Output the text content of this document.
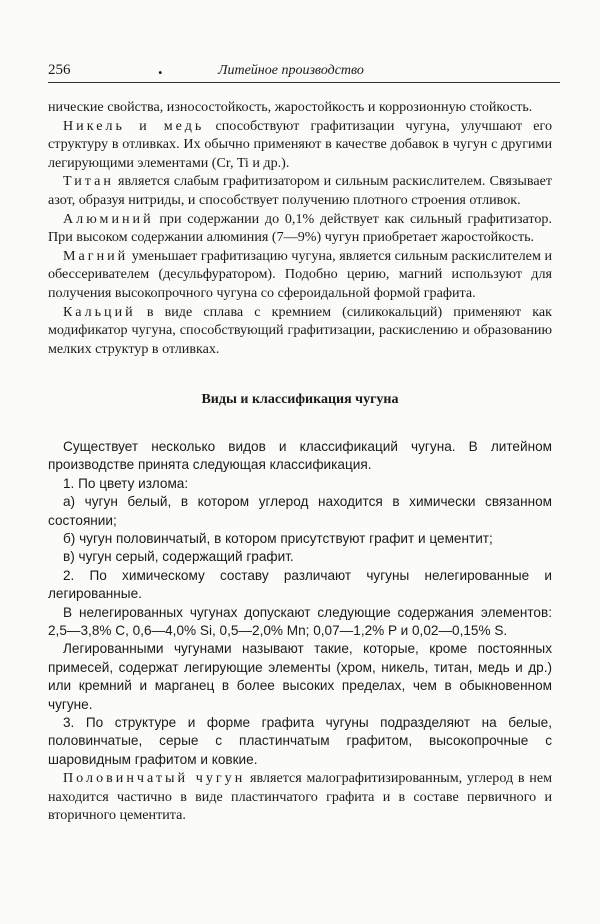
256	.	Литейное производство

нические свойства, износостойкость, жаростойкость и коррозионную стойкость.

Никель и медь способствуют графитизации чугуна, улучшают его структуру в отливках. Их обычно применяют в качестве добавок в чугун с другими легирующими элементами (Cr, Ti и др.).

Титан является слабым графитизатором и сильным раскислителем. Связывает азот, образуя нитриды, и способствует получению плотного строения отливок.

Алюминий при содержании до 0,1% действует как сильный графитизатор. При высоком содержании алюминия (7—9%) чугун приобретает жаростойкость.

Магний уменьшает графитизацию чугуна, является сильным раскислителем и обессеривателем (десульфуратором). Подобно церию, магний используют для получения высокопрочного чугуна со сфероидальной формой графита.

Кальций в виде сплава с кремнием (силикокальций) применяют как модификатор чугуна, способствующий графитизации, раскислению и образованию мелких структур в отливках.

Виды и классификация чугуна

Существует несколько видов и классификаций чугуна. В литейном производстве принята следующая классификация.

1. По цвету излома:

а) чугун белый, в котором углерод находится в химически связанном состоянии;

б) чугун половинчатый, в котором присутствуют графит и цементит;

в) чугун серый, содержащий графит.

2. По химическому составу различают чугуны нелегированные и легированные.

В нелегированных чугунах допускают следующие содержания элементов: 2,5—3,8% C, 0,6—4,0% Si, 0,5—2,0% Mn; 0,07—1,2% P и 0,02—0,15% S.

Легированными чугунами называют такие, которые, кроме постоянных примесей, содержат легирующие элементы (хром, никель, титан, медь и др.) или кремний и марганец в более высоких пределах, чем в обыкновенном чугуне.

3. По структуре и форме графита чугуны подразделяют на белые, половинчатые, серые с пластинчатым графитом, высокопрочные с шаровидным графитом и ковкие.

Половинчатый чугун является малографитизированным, углерод в нем находится частично в виде пластинчатого графита и в составе первичного и вторичного цементита.
